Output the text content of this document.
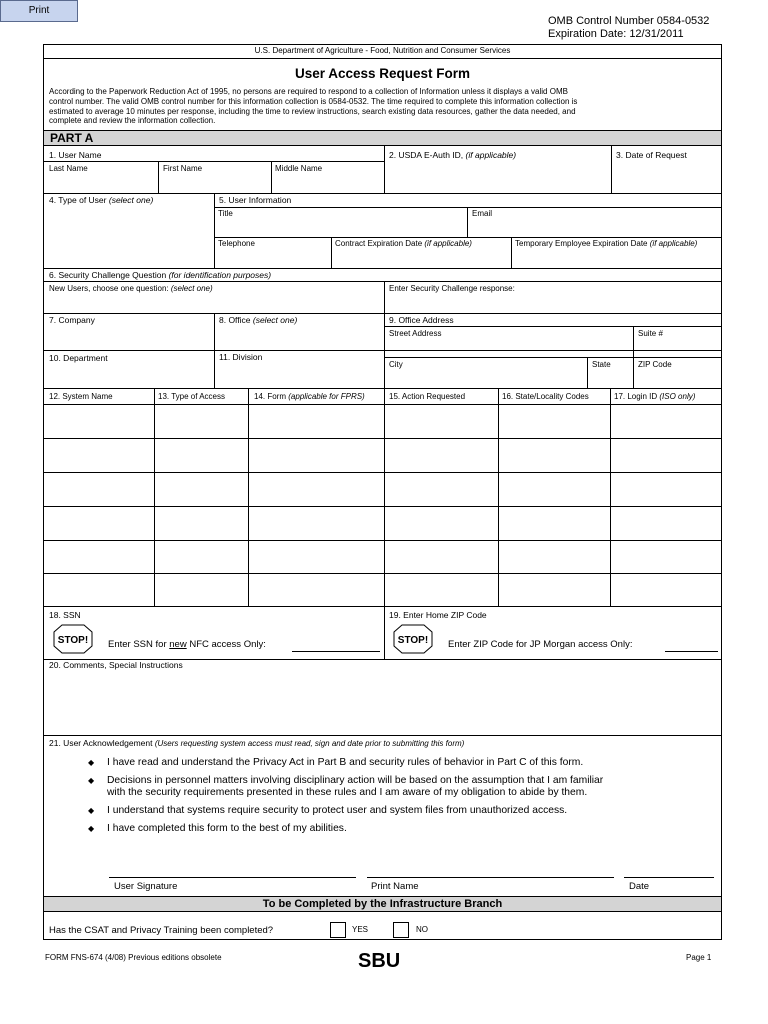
Print
OMB Control Number 0584-0532
Expiration Date: 12/31/2011
U.S. Department of Agriculture - Food, Nutrition and Consumer Services
User Access Request Form
According to the Paperwork Reduction Act of 1995, no persons are required to respond to a collection of Information unless it displays a valid OMB
control number. The valid OMB control number for this information collection is 0584-0532. The time required to complete this information collection is
estimated to average 10 minutes per response, including the time to review instructions, search existing data resources, gather the data needed, and
complete and review the information collection.
PART A
1. User Name
Last Name	First Name	Middle Name
2. USDA E-Auth ID, (if applicable)	3. Date of Request
4. Type of User (select one)	5. User Information
Title	Email
Telephone	Contract Expiration Date (if applicable)	Temporary Employee Expiration Date (if applicable)
6. Security Challenge Question (for identification purposes)
New Users, choose one question: (select one)	Enter Security Challenge response:
7. Company	8. Office (select one)	9. Office Address
Street Address	Suite #
10. Department	11. Division
City	State	ZIP Code
12. System Name	13. Type of Access	14. Form (applicable for FPRS)	15. Action Requested	16. State/Locality Codes	17. Login ID (ISO only)
18. SSN
STOP! Enter SSN for new NFC access Only:
19. Enter Home ZIP Code
STOP! Enter ZIP Code for JP Morgan access Only:
20. Comments, Special Instructions
21. User Acknowledgement (Users requesting system access must read, sign and date prior to submitting this form)
◆ I have read and understand the Privacy Act in Part B and security rules of behavior in Part C of this form.
◆ Decisions in personnel matters involving disciplinary action will be based on the assumption that I am familiar
with the security requirements presented in these rules and I am aware of my obligation to abide by them.
◆ I understand that systems require security to protect user and system files from unauthorized access.
◆ I have completed this form to the best of my abilities.
User Signature	Print Name	Date
To be Completed by the Infrastructure Branch
Has the CSAT and Privacy Training been completed?	YES	NO
FORM FNS-674 (4/08) Previous editions obsolete	SBU	Page 1
